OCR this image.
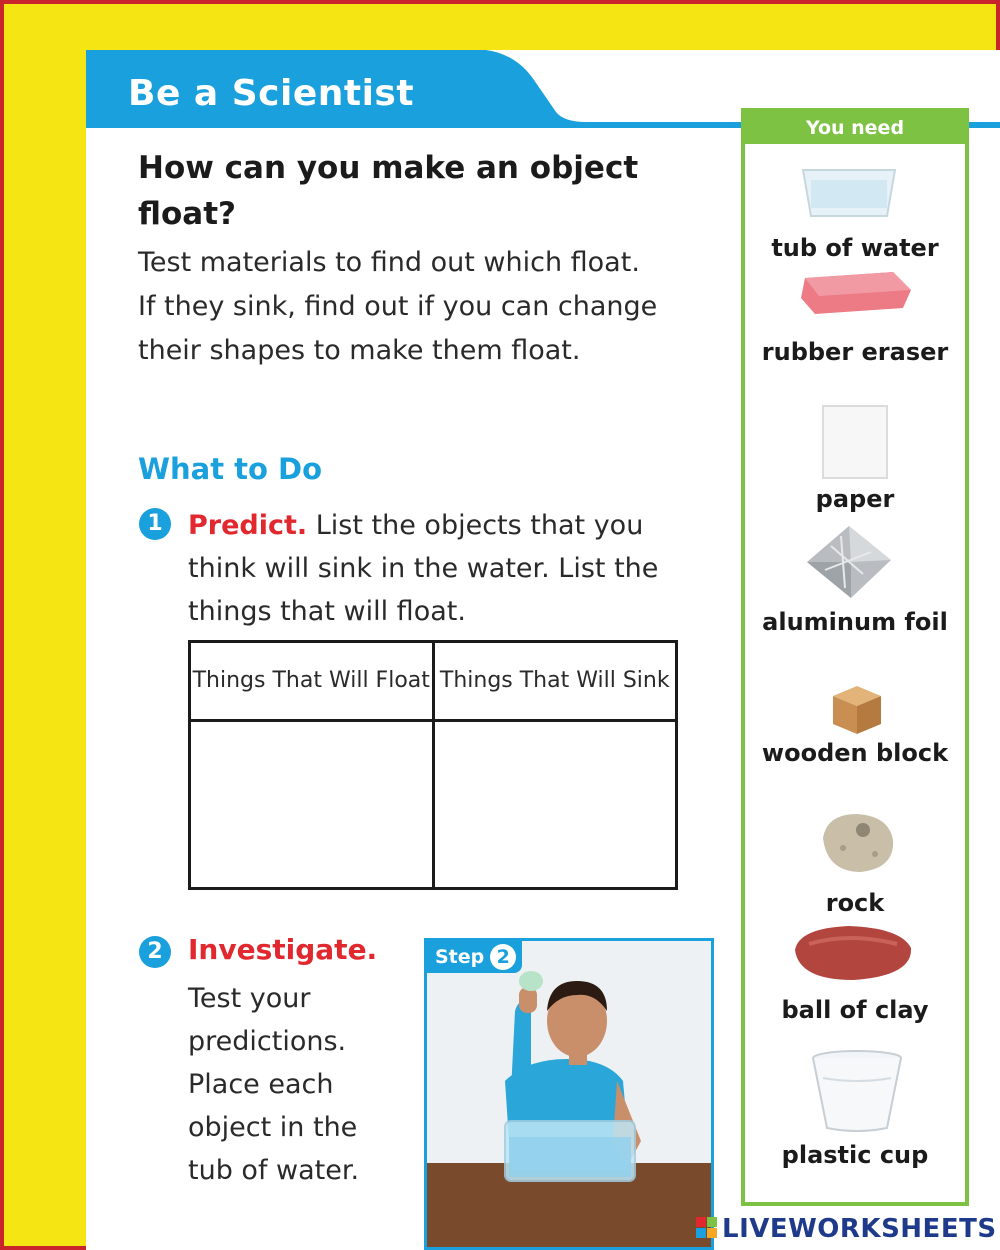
Be a Scientist
How can you make an object float?
Test materials to find out which float. If they sink, find out if you can change their shapes to make them float.
What to Do
1 Predict. List the objects that you think will sink in the water. List the things that will float.
Things That Will Float	Things That Will Sink

2 Investigate.
Test your predictions. Place each object in the tub of water.
Step 2
You need
tub of water
rubber eraser
paper
aluminum foil
wooden block
rock
ball of clay
plastic cup
LIVEWORKSHEETS
